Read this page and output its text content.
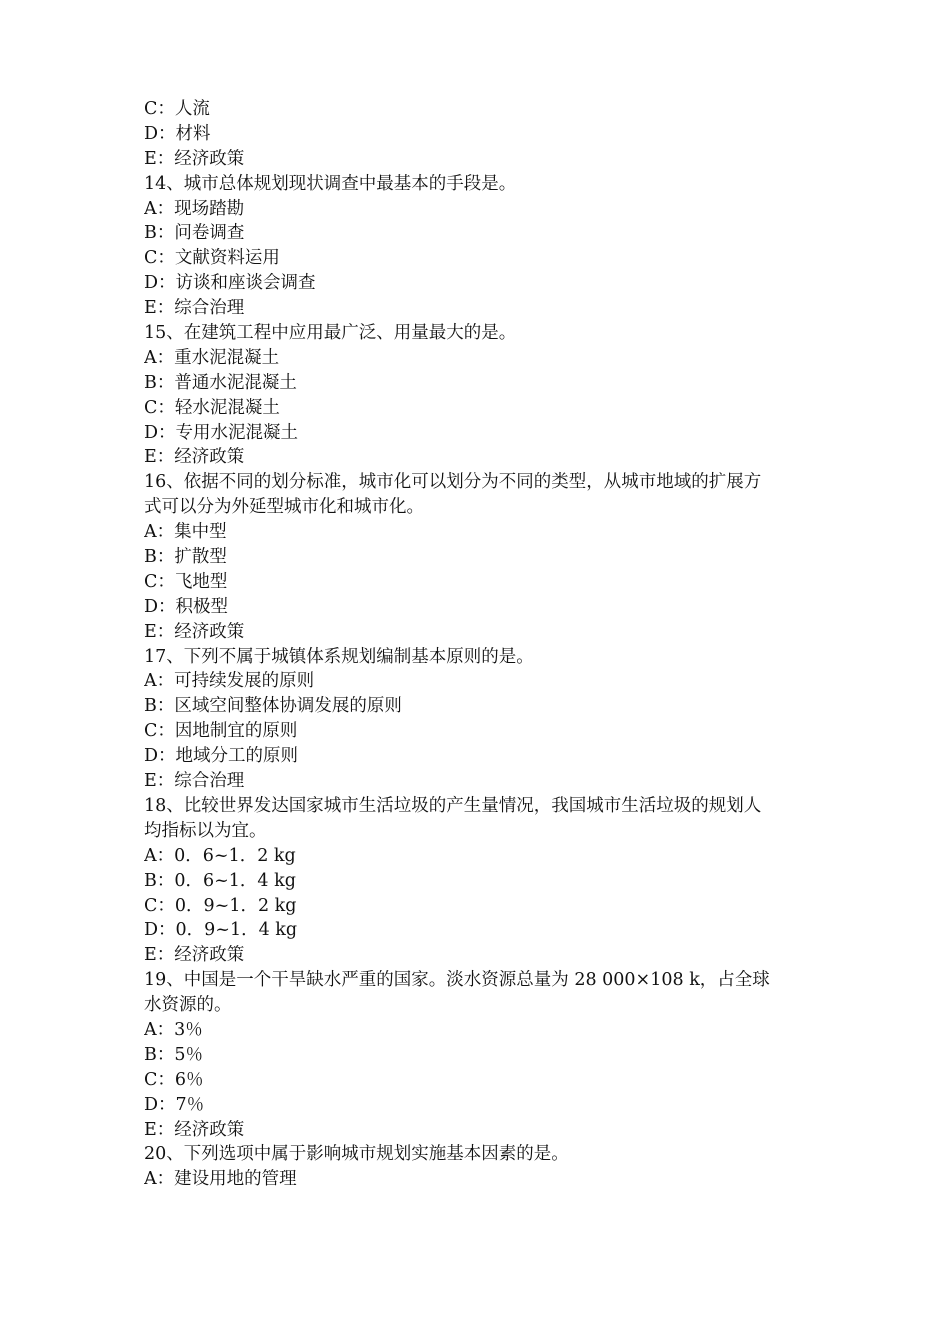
C：人流
D：材料
E：经济政策
14、城市总体规划现状调查中最基本的手段是。
A：现场踏勘
B：问卷调查
C：文献资料运用
D：访谈和座谈会调查
E：综合治理
15、在建筑工程中应用最广泛、用量最大的是。
A：重水泥混凝土
B：普通水泥混凝土
C：轻水泥混凝土
D：专用水泥混凝土
E：经济政策
16、依据不同的划分标准，城市化可以划分为不同的类型，从城市地域的扩展方
式可以分为外延型城市化和城市化。
A：集中型
B：扩散型
C：飞地型
D：积极型
E：经济政策
17、下列不属于城镇体系规划编制基本原则的是。
A：可持续发展的原则
B：区域空间整体协调发展的原则
C：因地制宜的原则
D：地域分工的原则
E：综合治理
18、比较世界发达国家城市生活垃圾的产生量情况，我国城市生活垃圾的规划人
均指标以为宜。
A：0．6~1．2 kg
B：0．6~1．4 kg
C：0．9~1．2 kg
D：0．9~1．4 kg
E：经济政策
19、中国是一个干旱缺水严重的国家。淡水资源总量为 28 000×108 k，占全球
水资源的。
A：3％
B：5％
C：6％
D：7％
E：经济政策
20、下列选项中属于影响城市规划实施基本因素的是。
A：建设用地的管理
